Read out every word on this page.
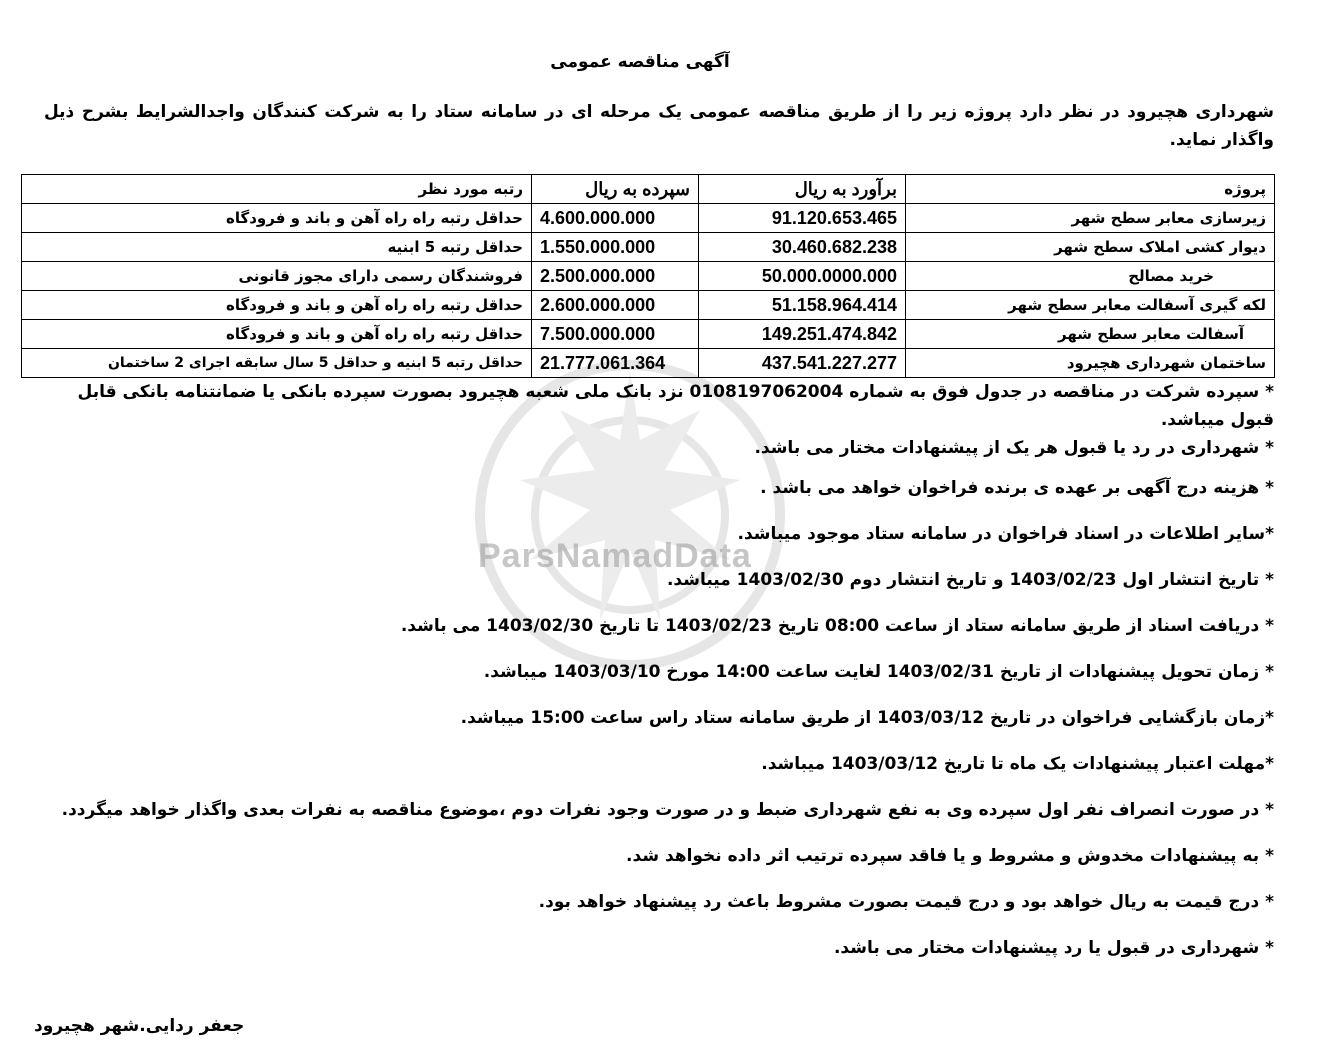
ParsNamadData
آگهی مناقصه عمومی
شهرداری هچیرود در نظر دارد پروژه زیر را از طریق مناقصه عمومی یک مرحله ای در سامانه ستاد را به شرکت کنندگان واجدالشرایط بشرح ذیل واگذار نماید.
پروژه	برآورد به ریال	سپرده به ریال	رتبه مورد نظر
زیرسازی معابر سطح شهر	91.120.653.465	4.600.000.000	حداقل رتبه راه راه آهن و باند و فرودگاه
دیوار کشی املاک سطح شهر	30.460.682.238	1.550.000.000	حداقل رتبه 5 ابنیه
خرید مصالح	50.000.0000.000	2.500.000.000	فروشندگان رسمی دارای مجوز قانونی
لکه گیری آسفالت معابر سطح شهر	51.158.964.414	2.600.000.000	حداقل رتبه راه راه آهن و باند و فرودگاه
آسفالت معابر سطح شهر	149.251.474.842	7.500.000.000	حداقل رتبه راه راه آهن و باند و فرودگاه
ساختمان شهرداری هچیرود	437.541.227.277	21.777.061.364	حداقل رتبه 5 ابنیه و حداقل 5 سال سابقه اجرای 2 ساختمان

* سپرده شرکت در مناقصه در جدول فوق به شماره 0108197062004 نزد بانک ملی شعبه هچیرود بصورت سپرده بانکی یا ضمانتنامه بانکی قابل قبول میباشد.

* شهرداری در رد یا قبول هر یک از پیشنهادات مختار می باشد.

* هزینه درج آگهی بر عهده ی برنده فراخوان خواهد می باشد .

*سایر اطلاعات در اسناد فراخوان در سامانه ستاد موجود میباشد.

* تاریخ انتشار اول 1403/02/23 و تاریخ انتشار دوم 1403/02/30 میباشد.

* دریافت اسناد از طریق سامانه ستاد از ساعت 08:00 تاریخ 1403/02/23 تا تاریخ 1403/02/30 می باشد.

* زمان تحویل پیشنهادات از تاریخ 1403/02/31 لغایت ساعت 14:00 مورخ 1403/03/10 میباشد.

*زمان بازگشایی فراخوان در تاریخ 1403/03/12 از طریق سامانه ستاد راس ساعت 15:00 میباشد.

*مهلت اعتبار پیشنهادات یک ماه تا تاریخ 1403/03/12 میباشد.

* در صورت انصراف نفر اول سپرده وی به نفع شهرداری ضبط و در صورت وجود نفرات دوم ،موضوع مناقصه به نفرات بعدی واگذار خواهد میگردد.

* به پیشنهادات مخدوش و مشروط و یا فاقد سپرده ترتیب اثر داده نخواهد شد.

* درج قیمت به ریال خواهد بود و درج قیمت بصورت مشروط باعث رد پیشنهاد خواهد بود.

* شهرداری در قبول یا رد پیشنهادات مختار می باشد.

جعفر ردایی.شهر هچیرود
